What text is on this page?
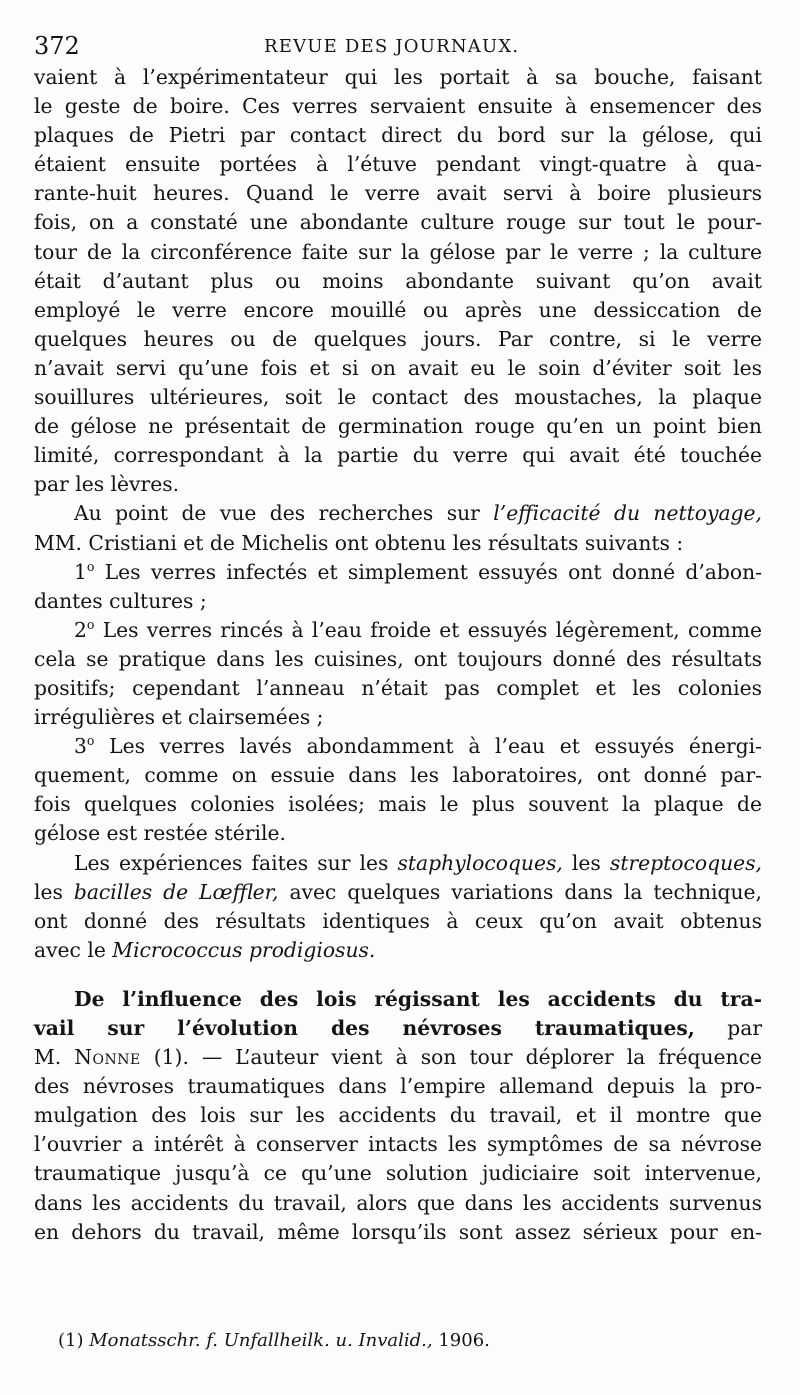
372	REVUE DES JOURNAUX.
vaient à l’expérimentateur qui les portait à sa bouche, faisant
le geste de boire. Ces verres servaient ensuite à ensemencer des
plaques de Pietri par contact direct du bord sur la gélose, qui
étaient ensuite portées à l’étuve pendant vingt-quatre à qua-
rante-huit heures. Quand le verre avait servi à boire plusieurs
fois, on a constaté une abondante culture rouge sur tout le pour-
tour de la circonférence faite sur la gélose par le verre ; la culture
était d’autant plus ou moins abondante suivant qu’on avait
employé le verre encore mouillé ou après une dessiccation de
quelques heures ou de quelques jours. Par contre, si le verre
n’avait servi qu’une fois et si on avait eu le soin d’éviter soit les
souillures ultérieures, soit le contact des moustaches, la plaque
de gélose ne présentait de germination rouge qu’en un point bien
limité, correspondant à la partie du verre qui avait été touchée
par les lèvres.
Au point de vue des recherches sur l’efficacité du nettoyage,
MM. Cristiani et de Michelis ont obtenu les résultats suivants :
1$^o$ Les verres infectés et simplement essuyés ont donné d’abon-
dantes cultures ;
2$^o$ Les verres rincés à l’eau froide et essuyés légèrement, comme
cela se pratique dans les cuisines, ont toujours donné des résultats
positifs; cependant l’anneau n’était pas complet et les colonies
irrégulières et clairsemées ;
3$^o$ Les verres lavés abondamment à l’eau et essuyés énergi-
quement, comme on essuie dans les laboratoires, ont donné par-
fois quelques colonies isolées; mais le plus souvent la plaque de
gélose est restée stérile.
Les expériences faites sur les staphylocoques, les streptocoques,
les bacilles de Lœffler, avec quelques variations dans la technique,
ont donné des résultats identiques à ceux qu’on avait obtenus
avec le Micrococcus prodigiosus.
De l’influence des lois régissant les accidents du tra-
vail sur l’évolution des névroses traumatiques, par
M. Nonne (1). — L’auteur vient à son tour déplorer la fréquence
des névroses traumatiques dans l’empire allemand depuis la pro-
mulgation des lois sur les accidents du travail, et il montre que
l’ouvrier a intérêt à conserver intacts les symptômes de sa névrose
traumatique jusqu’à ce qu’une solution judiciaire soit intervenue,
dans les accidents du travail, alors que dans les accidents survenus
en dehors du travail, même lorsqu’ils sont assez sérieux pour en-
(1) Monatsschr. f. Unfallheilk. u. Invalid., 1906.
